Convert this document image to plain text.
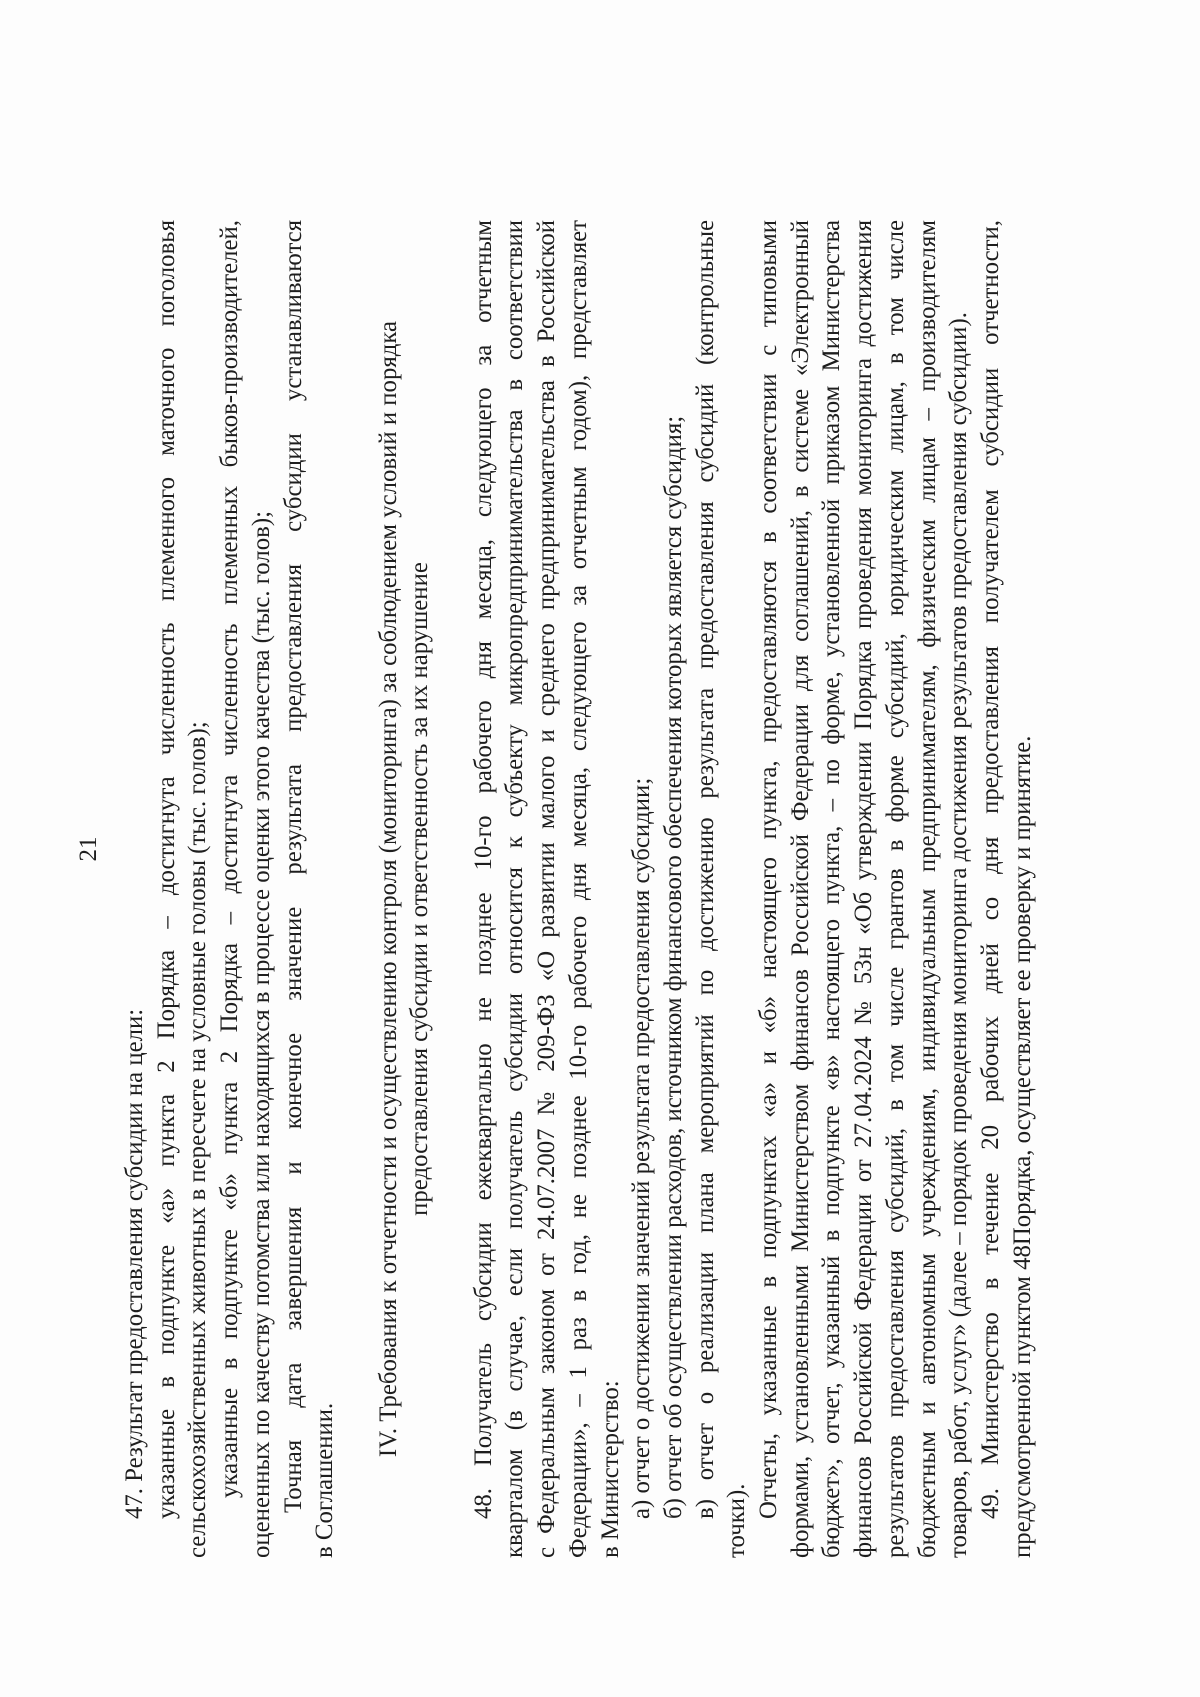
21

47. Результат предоставления субсидии на цели: указанные в подпункте «а» пункта 2 Порядка – достигнута численность племенного маточного поголовья сельскохозяйственных животных в пересчете на условные головы (тыс. голов); указанные в подпункте «б» пункта 2 Порядка – достигнута численность племенных быков-производителей, оцененных по качеству потомства или находящихся в процессе оценки этого качества (тыс. голов); Точная дата завершения и конечное значение результата предоставления субсидии устанавливаются в Соглашении.

IV. Требования к отчетности и осуществлению контроля (мониторинга) за соблюдением условий и порядка предоставления субсидии и ответственность за их нарушение 48. Получатель субсидии ежеквартально не позднее 10-го рабочего дня месяца, следующего за отчетным кварталом (в случае, если получатель субсидии относится к субъекту микропредпринимательства в соответствии с Федеральным законом от 24.07.2007 № 209-ФЗ «О развитии малого и среднего предпринимательства в Российской Федерации», – 1 раз в год, не позднее 10-го рабочего дня месяца, следующего за отчетным годом), представляет в Министерство: а) отчет о достижении значений результата предоставления субсидии; б) отчет об осуществлении расходов, источником финансового обеспечения которых является субсидия; в) отчет о реализации плана мероприятий по достижению результата предоставления субсидий (контрольные

точки).

Отчеты, указанные в подпунктах «а» и «б» настоящего пункта, предоставляются в соответствии с типовыми формами, установленными Министерством финансов Российской Федерации для соглашений, в системе «Электронный бюджет», отчет, указанный в подпункте «в» настоящего пункта, – по форме, установленной приказом Министерства финансов Российской Федерации от 27.04.2024 № 53н «Об утверждении Порядка проведения мониторинга достижения результатов предоставления субсидий, в том числе грантов в форме субсидий, юридическим лицам, в том числе бюджетным и автономным учреждениям, индивидуальным предпринимателям, физическим лицам – производителям товаров, работ, услуг» (далее – порядок проведения мониторинга достижения результатов предоставления субсидии). 49. Министерство в течение 20 рабочих дней со дня предоставления получателем субсидии отчетности, предусмотренной пунктом 48Порядка, осуществляет ее проверку и принятие.
